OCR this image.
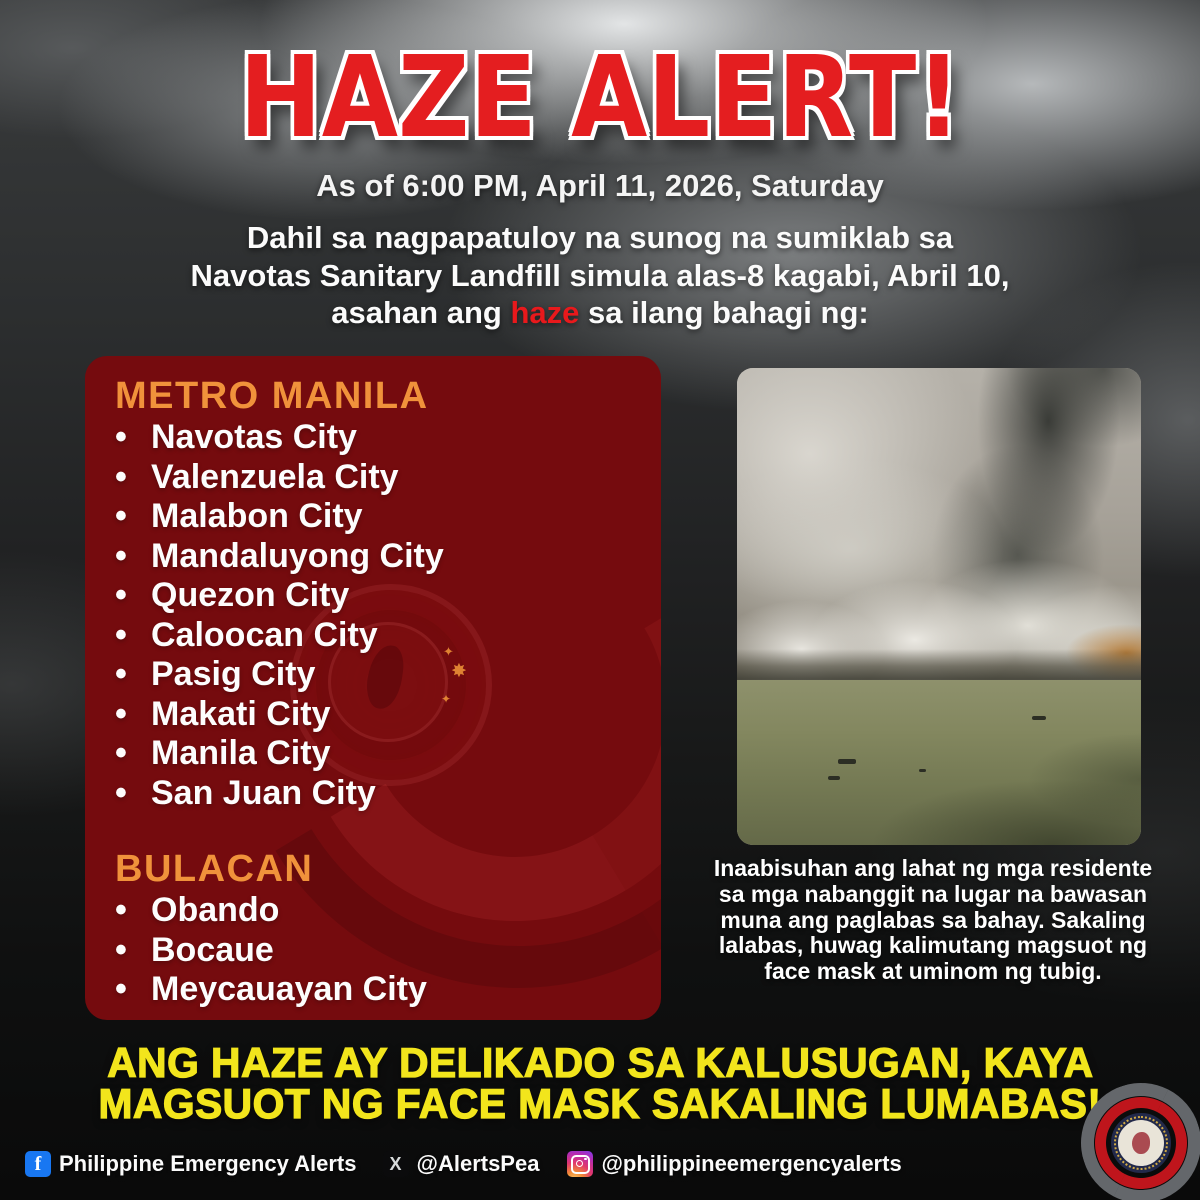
HAZE ALERT!
As of 6:00 PM, April 11, 2026, Saturday
Dahil sa nagpapatuloy na sunog na sumiklab sa
Navotas Sanitary Landfill simula alas-8 kagabi, Abril 10,
asahan ang haze sa ilang bahagi ng:
✦
✸
✦
METRO MANILA
• Navotas City
• Valenzuela City
• Malabon City
• Mandaluyong City
• Quezon City
• Caloocan City
• Pasig City
• Makati City
• Manila City
• San Juan City
BULACAN
• Obando
• Bocaue
• Meycauayan City
Inaabisuhan ang lahat ng mga residente sa mga nabanggit na lugar na bawasan muna ang paglabas sa bahay. Sakaling lalabas, huwag kalimutang magsuot ng face mask at uminom ng tubig.
ANG HAZE AY DELIKADO SA KALUSUGAN, KAYA
MAGSUOT NG FACE MASK SAKALING LUMABAS!
f Philippine Emergency Alerts	X @AlertsPea	@philippineemergencyalerts
